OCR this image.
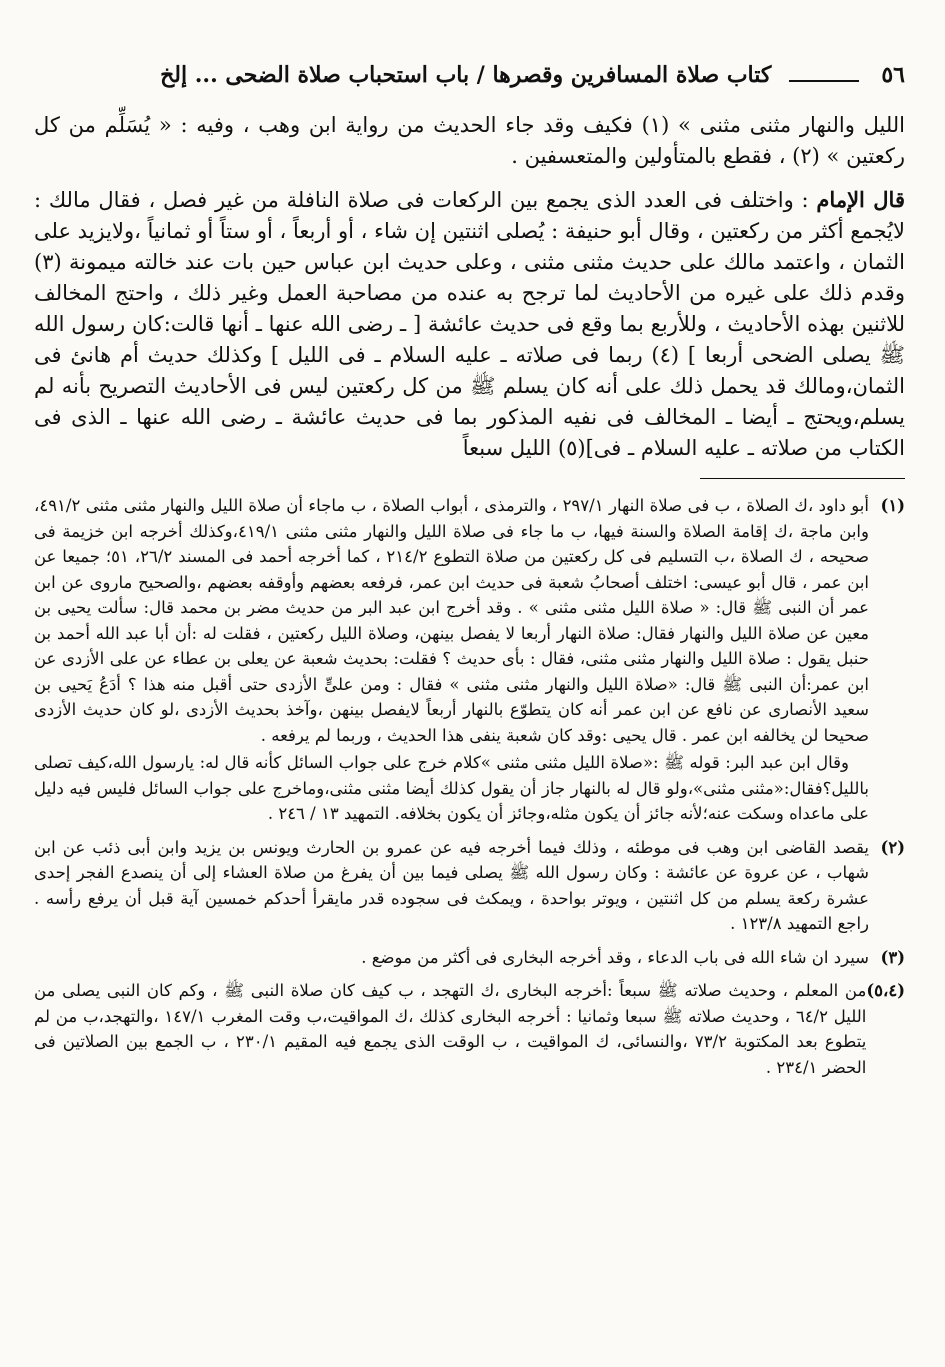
٥٦
كتاب صلاة المسافرين وقصرها / باب استحباب صلاة الضحى ... إلخ

الليل والنهار مثنى مثنى » (١) فكيف وقد جاء الحديث من رواية ابن وهب ، وفيه : « يُسَلِّم من كل ركعتين » (٢) ، فقطع بالمتأولين والمتعسفين .

قال الإمام : واختلف فى العدد الذى يجمع بين الركعات فى صلاة النافلة من غير فصل ، فقال مالك : لايُجمع أكثر من ركعتين ، وقال أبو حنيفة : يُصلى اثنتين إن شاء ، أو أربعاً ، أو ستاً أو ثمانياً ،ولايزيد على الثمان ، واعتمد مالك على حديث مثنى مثنى ، وعلى حديث ابن عباس حين بات عند خالته ميمونة (٣) وقدم ذلك على غيره من الأحاديث لما ترجح به عنده من مصاحبة العمل وغير ذلك ، واحتج المخالف للاثنين بهذه الأحاديث ، وللأربع بما وقع فى حديث عائشة [ ـ رضى الله عنها ـ أنها قالت:كان رسول الله ﷺ يصلى الضحى أربعا ] (٤) ربما فى صلاته ـ عليه السلام ـ فى الليل ] وكذلك حديث أم هانئ فى الثمان،ومالك قد يحمل ذلك على أنه كان يسلم ﷺ من كل ركعتين ليس فى الأحاديث التصريح بأنه لم يسلم،ويحتج ـ أيضا ـ المخالف فى نفيه المذكور بما فى حديث عائشة ـ رضى الله عنها ـ الذى فى الكتاب من صلاته ـ عليه السلام ـ فى](٥) الليل سبعاً

(١)

أبو داود ،ك الصلاة ، ب فى صلاة النهار ٢٩٧/١ ، والترمذى ، أبواب الصلاة ، ب ماجاء أن صلاة الليل والنهار مثنى مثنى ٤٩١/٢، وابن ماجة ،ك إقامة الصلاة والسنة فيها، ب ما جاء فى صلاة الليل والنهار مثنى مثنى ٤١٩/١،وكذلك أخرجه ابن خزيمة فى صحيحه ، ك الصلاة ،ب التسليم فى كل ركعتين من صلاة التطوع ٢١٤/٢ ، كما أخرجه أحمد فى المسند ٢٦/٢، ٥١؛ جميعا عن ابن عمر ، قال أبو عيسى: اختلف أصحابُ شعبة فى حديث ابن عمر، فرفعه بعضهم وأوقفه بعضهم ،والصحيح ماروى عن ابن عمر أن النبى ﷺ قال: « صلاة الليل مثنى مثنى » . وقد أخرج ابن عبد البر من حديث مضر بن محمد قال: سألت يحيى بن معين عن صلاة الليل والنهار فقال: صلاة النهار أربعا لا يفصل بينهن، وصلاة الليل ركعتين ، فقلت له :أن أبا عبد الله أحمد بن حنبل يقول : صلاة الليل والنهار مثنى مثنى، فقال : بأى حديث ؟ فقلت: بحديث شعبة عن يعلى بن عطاء عن على الأزدى عن ابن عمر:أن النبى ﷺ قال: «صلاة الليل والنهار مثنى مثنى » فقال : ومن علىٍّ الأزدى حتى أقبل منه هذا ؟ أدَعُ يَحيى بن سعيد الأنصارى عن نافع عن ابن عمر أنه كان يتطوّع بالنهار أربعاً لايفصل بينهن ،وآخذ بحديث الأزدى ،لو كان حديث الأزدى صحيحا لن يخالفه ابن عمر . قال يحيى :وقد كان شعبة ينفى هذا الحديث ، وربما لم يرفعه .

وقال ابن عبد البر: قوله ﷺ :«صلاة الليل مثنى مثنى »كلام خرج على جواب السائل كأنه قال له: يارسول الله،كيف تصلى بالليل؟فقال:«مثنى مثنى»،ولو قال له بالنهار جاز أن يقول كذلك أيضا مثنى مثنى،وماخرج على جواب السائل فليس فيه دليل على ماعداه وسكت عنه؛لأنه جائز أن يكون مثله،وجائز أن يكون بخلافه. التمهيد ١٣ / ٢٤٦ .

(٢)

يقصد القاضى ابن وهب فى موطئه ، وذلك فيما أخرجه فيه عن عمرو بن الحارث ويونس بن يزيد وابن أبى ذئب عن ابن شهاب ، عن عروة عن عائشة : وكان رسول الله ﷺ يصلى فيما بين أن يفرغ من صلاة العشاء إلى أن ينصدع الفجر إحدى عشرة ركعة يسلم من كل اثنتين ، ويوتر بواحدة ، ويمكث فى سجوده قدر مايقرأ أحدكم خمسين آية قبل أن يرفع رأسه . راجع التمهيد ١٢٣/٨ .

(٣)

سيرد ان شاء الله فى باب الدعاء ، وقد أخرجه البخارى فى أكثر من موضع .

(٥،٤)

من المعلم ، وحديث صلاته ﷺ سبعاً :أخرجه البخارى ،ك التهجد ، ب كيف كان صلاة النبى ﷺ ، وكم كان النبى يصلى من الليل ٦٤/٢ ، وحديث صلاته ﷺ سبعا وثمانيا : أخرجه البخارى كذلك ،ك المواقيت،ب وقت المغرب ١٤٧/١ ،والتهجد،ب من لم يتطوع بعد المكتوبة ٧٣/٢ ،والنسائى، ك المواقيت ، ب الوقت الذى يجمع فيه المقيم ٢٣٠/١ ، ب الجمع بين الصلاتين فى الحضر ٢٣٤/١ .
